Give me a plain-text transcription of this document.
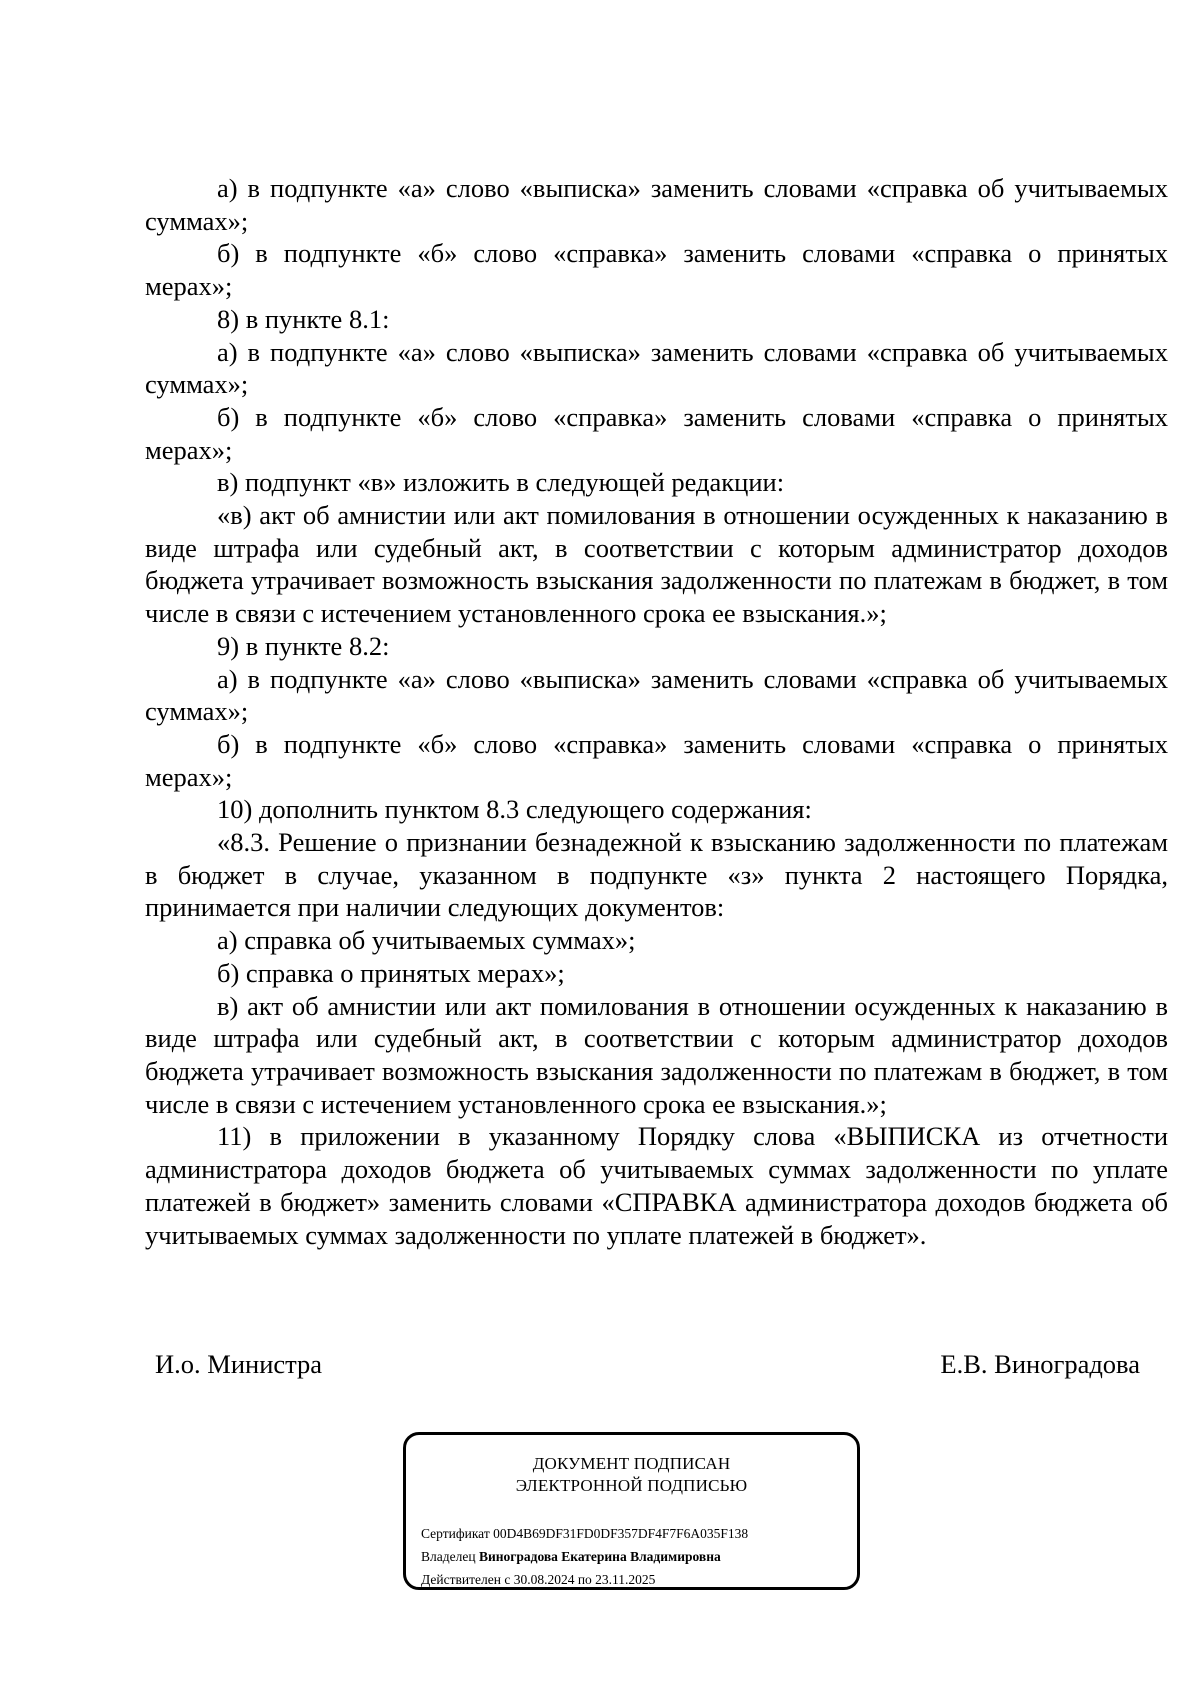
а) в подпункте «а» слово «выписка» заменить словами «справка об учитываемых суммах»;

б) в подпункте «б» слово «справка» заменить словами «справка о принятых мерах»;

8) в пункте 8.1:

а) в подпункте «а» слово «выписка» заменить словами «справка об учитываемых суммах»;

б) в подпункте «б» слово «справка» заменить словами «справка о принятых мерах»;

в) подпункт «в» изложить в следующей редакции:

«в) акт об амнистии или акт помилования в отношении осужденных к наказанию в виде штрафа или судебный акт, в соответствии с которым администратор доходов бюджета утрачивает возможность взыскания задолженности по платежам в бюджет, в том числе в связи с истечением установленного срока ее взыскания.»;

9) в пункте 8.2:

а) в подпункте «а» слово «выписка» заменить словами «справка об учитываемых суммах»;

б) в подпункте «б» слово «справка» заменить словами «справка о принятых мерах»;

10) дополнить пунктом 8.3 следующего содержания:

«8.3. Решение о признании безнадежной к взысканию задолженности по платежам в бюджет в случае, указанном в подпункте «з» пункта 2 настоящего Порядка, принимается при наличии следующих документов:

а) справка об учитываемых суммах»;

б) справка о принятых мерах»;

в) акт об амнистии или акт помилования в отношении осужденных к наказанию в виде штрафа или судебный акт, в соответствии с которым администратор доходов бюджета утрачивает возможность взыскания задолженности по платежам в бюджет, в том числе в связи с истечением установленного срока ее взыскания.»;

11) в приложении в указанному Порядку слова «ВЫПИСКА из отчетности администратора доходов бюджета об учитываемых суммах задолженности по уплате платежей в бюджет» заменить словами «СПРАВКА администратора доходов бюджета об учитываемых суммах задолженности по уплате платежей в бюджет».

И.о. Министра	Е.В. Виноградова
ДОКУМЕНТ ПОДПИСАН
ЭЛЕКТРОННОЙ ПОДПИСЬЮ
Сертификат 00D4B69DF31FD0DF357DF4F7F6A035F138
Владелец Виноградова Екатерина Владимировна
Действителен с 30.08.2024 по 23.11.2025
